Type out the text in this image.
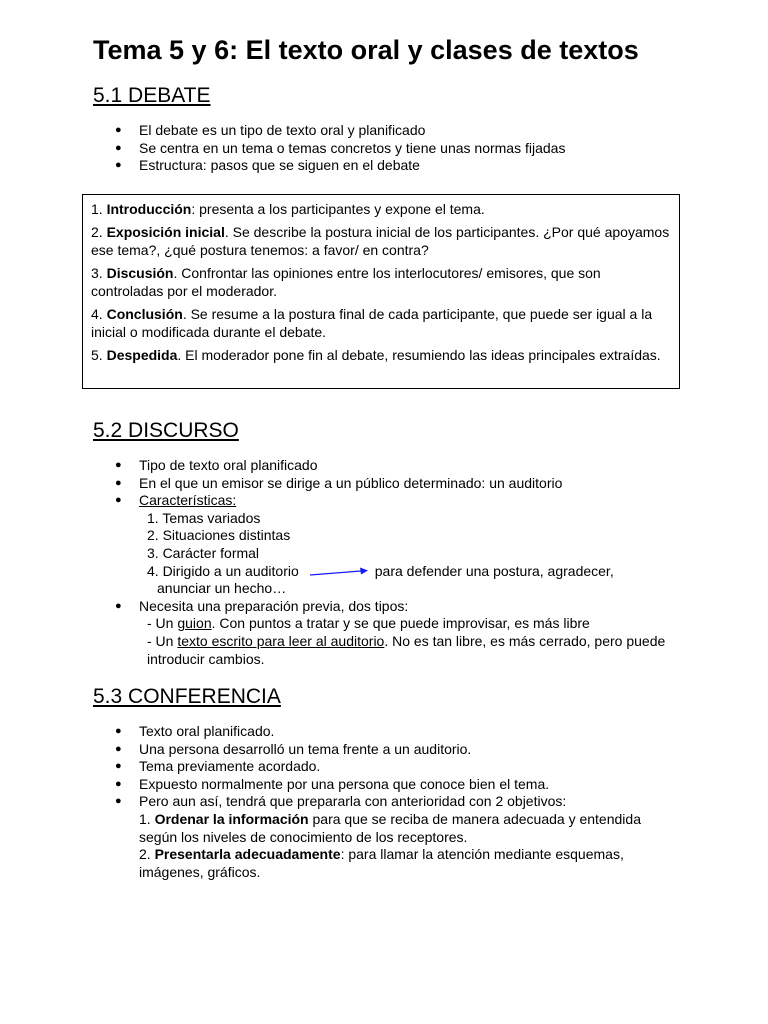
Tema 5 y 6: El texto oral y clases de textos
5.1 DEBATE
● El debate es un tipo de texto oral y planificado
● Se centra en un tema o temas concretos y tiene unas normas fijadas
● Estructura: pasos que se siguen en el debate

1. Introducción: presenta a los participantes y expone el tema.

2. Exposición inicial. Se describe la postura inicial de los participantes. ¿Por qué apoyamos ese tema?, ¿qué postura tenemos: a favor/ en contra?

3. Discusión. Confrontar las opiniones entre los interlocutores/ emisores, que son controladas por el moderador.

4. Conclusión. Se resume a la postura final de cada participante, que puede ser igual a la inicial o modificada durante el debate.

5. Despedida. El moderador pone fin al debate, resumiendo las ideas principales extraídas.

5.2 DISCURSO
● Tipo de texto oral planificado
● En el que un emisor se dirige a un público determinado: un auditorio
● Características:
1. Temas variados
2. Situaciones distintas
3. Carácter formal
4. Dirigido a un auditorio	para defender una postura, agradecer,
anunciar un hecho…
● Necesita una preparación previa, dos tipos:
- Un guion. Con puntos a tratar y se que puede improvisar, es más libre
- Un texto escrito para leer al auditorio. No es tan libre, es más cerrado, pero puede
introducir cambios.
5.3 CONFERENCIA
● Texto oral planificado.
● Una persona desarrolló un tema frente a un auditorio.
● Tema previamente acordado.
● Expuesto normalmente por una persona que conoce bien el tema.
● Pero aun así, tendrá que prepararla con anterioridad con 2 objetivos:
1. Ordenar la información para que se reciba de manera adecuada y entendida
según los niveles de conocimiento de los receptores.
2. Presentarla adecuadamente: para llamar la atención mediante esquemas,
imágenes, gráficos.
